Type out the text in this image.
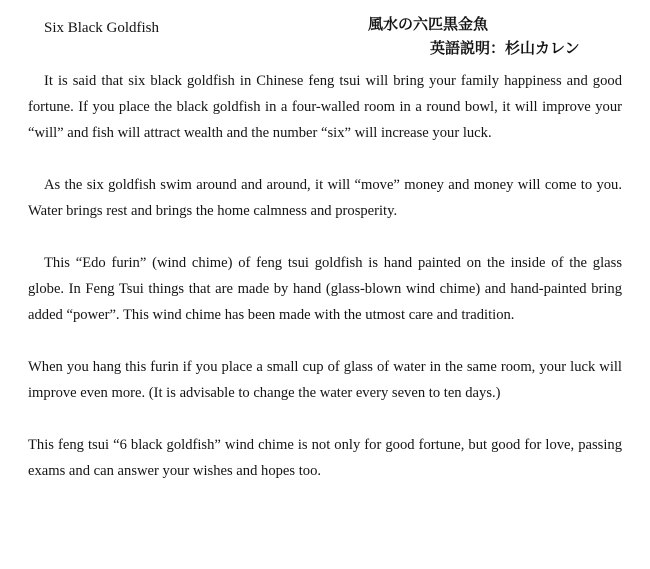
Six Black Goldfish	風水の六匹黒金魚
英語説明：杉山カレン

It is said that six black goldfish in Chinese feng tsui will bring your family happiness and good fortune. If you place the black goldfish in a four-walled room in a round bowl, it will improve your “will” and fish will attract wealth and the number “six” will increase your luck.

As the six goldfish swim around and around, it will “move” money and money will come to you. Water brings rest and brings the home calmness and prosperity.

This “Edo furin” (wind chime) of feng tsui goldfish is hand painted on the inside of the glass globe. In Feng Tsui things that are made by hand (glass-blown wind chime) and hand-painted bring added “power”. This wind chime has been made with the utmost care and tradition.

When you hang this furin if you place a small cup of glass of water in the same room, your luck will improve even more. (It is advisable to change the water every seven to ten days.)

This feng tsui “6 black goldfish” wind chime is not only for good fortune, but good for love, passing exams and can answer your wishes and hopes too.
